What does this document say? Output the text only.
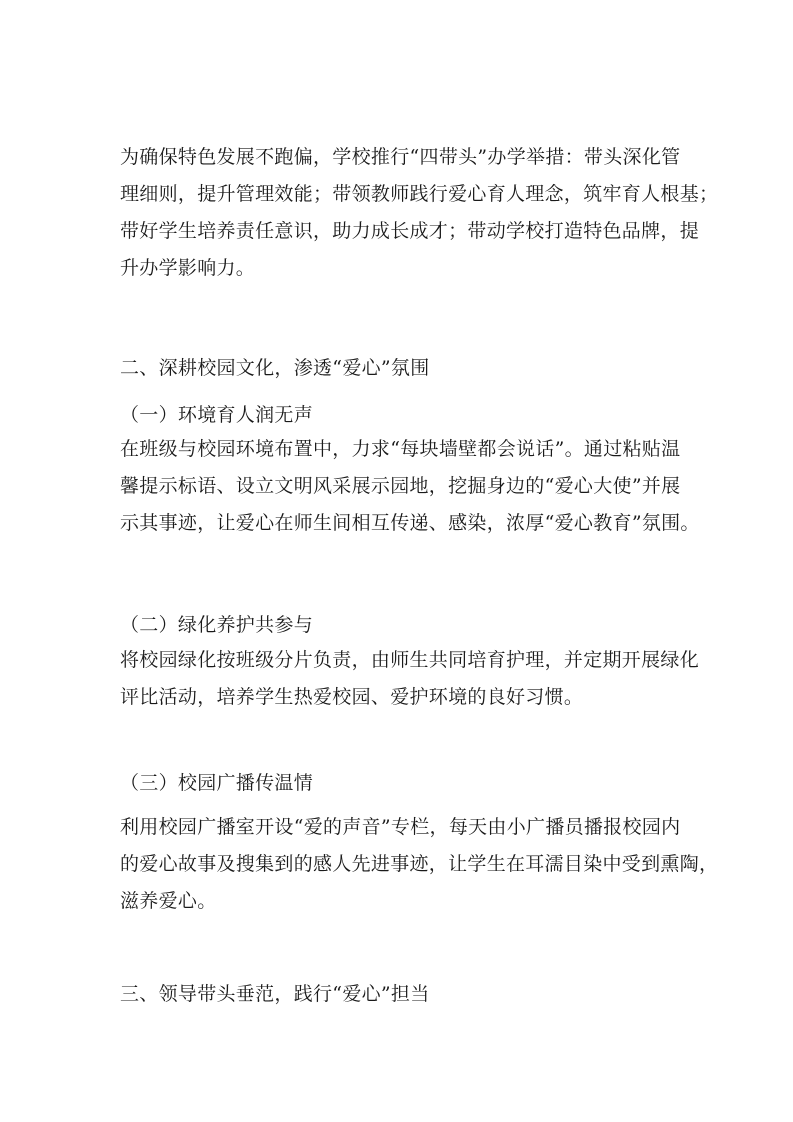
为确保特色发展不跑偏，学校推行“四带头”办学举措：带头深化管
理细则，提升管理效能；带领教师践行爱心育人理念，筑牢育人根基；
带好学生培养责任意识，助力成长成才；带动学校打造特色品牌，提
升办学影响力。
二、深耕校园文化，渗透“爱心”氛围
（一）环境育人润无声
在班级与校园环境布置中，力求“每块墙壁都会说话”。通过粘贴温
馨提示标语、设立文明风采展示园地，挖掘身边的“爱心大使”并展
示其事迹，让爱心在师生间相互传递、感染，浓厚“爱心教育”氛围。
（二）绿化养护共参与
将校园绿化按班级分片负责，由师生共同培育护理，并定期开展绿化
评比活动，培养学生热爱校园、爱护环境的良好习惯。
（三）校园广播传温情
利用校园广播室开设“爱的声音”专栏，每天由小广播员播报校园内
的爱心故事及搜集到的感人先进事迹，让学生在耳濡目染中受到熏陶，
滋养爱心。
三、领导带头垂范，践行“爱心”担当
